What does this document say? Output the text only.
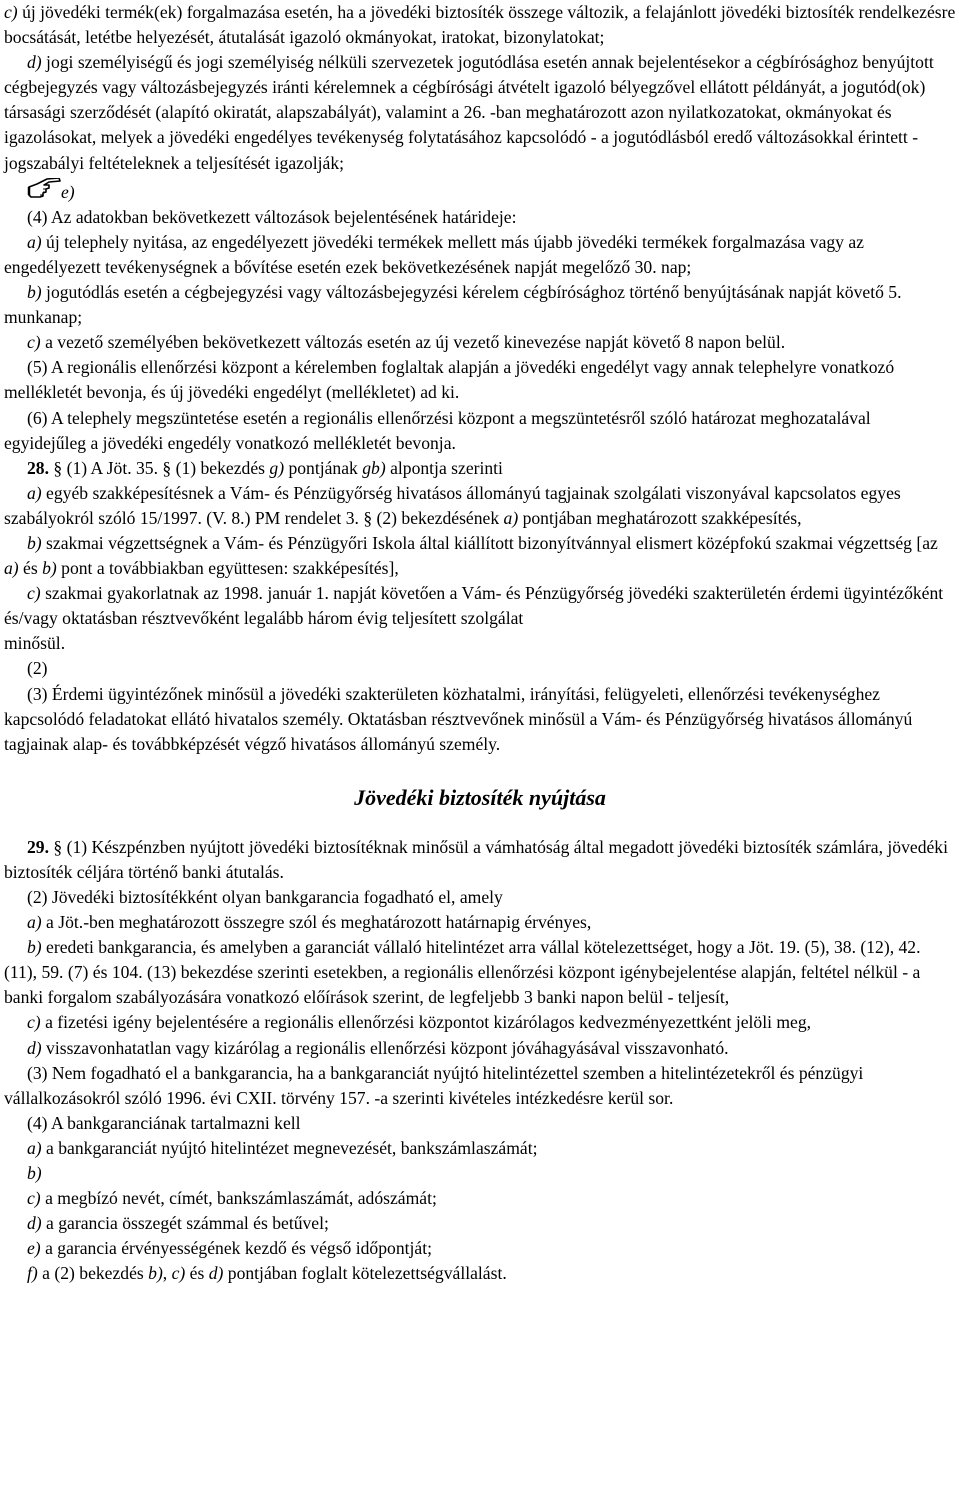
c) új jövedéki termék(ek) forgalmazása esetén, ha a jövedéki biztosíték összege változik, a felajánlott jövedéki biztosíték rendelkezésre bocsátását, letétbe helyezését, átutalását igazoló okmányokat, iratokat, bizonylatokat;

d) jogi személyiségű és jogi személyiség nélküli szervezetek jogutódlása esetén annak bejelentésekor a cégbírósághoz benyújtott cégbejegyzés vagy változásbejegyzés iránti kérelemnek a cégbírósági átvételt igazoló bélyegzővel ellátott példányát, a jogutód(ok) társasági szerződését (alapító okiratát, alapszabályát), valamint a 26. -ban meghatározott azon nyilatkozatokat, okmányokat és igazolásokat, melyek a jövedéki engedélyes tevékenység folytatásához kapcsolódó - a jogutódlásból eredő változásokkal érintett - jogszabályi feltételeknek a teljesítését igazolják;

e)

(4) Az adatokban bekövetkezett változások bejelentésének határideje:

a) új telephely nyitása, az engedélyezett jövedéki termékek mellett más újabb jövedéki termékek forgalmazása vagy az engedélyezett tevékenységnek a bővítése esetén ezek bekövetkezésének napját megelőző 30. nap;

b) jogutódlás esetén a cégbejegyzési vagy változásbejegyzési kérelem cégbírósághoz történő benyújtásának napját követő 5. munkanap;

c) a vezető személyében bekövetkezett változás esetén az új vezető kinevezése napját követő 8 napon belül.

(5) A regionális ellenőrzési központ a kérelemben foglaltak alapján a jövedéki engedélyt vagy annak telephelyre vonatkozó mellékletét bevonja, és új jövedéki engedélyt (mellékletet) ad ki.

(6) A telephely megszüntetése esetén a regionális ellenőrzési központ a megszüntetésről szóló határozat meghozatalával egyidejűleg a jövedéki engedély vonatkozó mellékletét bevonja.

28. § (1) A Jöt. 35. § (1) bekezdés g) pontjának gb) alpontja szerinti

a) egyéb szakképesítésnek a Vám- és Pénzügyőrség hivatásos állományú tagjainak szolgálati viszonyával kapcsolatos egyes szabályokról szóló 15/1997. (V. 8.) PM rendelet 3. § (2) bekezdésének a) pontjában meghatározott szakképesítés,

b) szakmai végzettségnek a Vám- és Pénzügyőri Iskola által kiállított bizonyítvánnyal elismert középfokú szakmai végzettség [az a) és b) pont a továbbiakban együttesen: szakképesítés],

c) szakmai gyakorlatnak az 1998. január 1. napját követően a Vám- és Pénzügyőrség jövedéki szakterületén érdemi ügyintézőként és/vagy oktatásban résztvevőként legalább három évig teljesített szolgálat

minősül.

(2)

(3) Érdemi ügyintézőnek minősül a jövedéki szakterületen közhatalmi, irányítási, felügyeleti, ellenőrzési tevékenységhez kapcsolódó feladatokat ellátó hivatalos személy. Oktatásban résztvevőnek minősül a Vám- és Pénzügyőrség hivatásos állományú tagjainak alap- és továbbképzését végző hivatásos állományú személy.

Jövedéki biztosíték nyújtása

29. § (1) Készpénzben nyújtott jövedéki biztosítéknak minősül a vámhatóság által megadott jövedéki biztosíték számlára, jövedéki biztosíték céljára történő banki átutalás.

(2) Jövedéki biztosítékként olyan bankgarancia fogadható el, amely

a) a Jöt.-ben meghatározott összegre szól és meghatározott határnapig érvényes,

b) eredeti bankgarancia, és amelyben a garanciát vállaló hitelintézet arra vállal kötelezettséget, hogy a Jöt. 19. (5), 38. (12), 42. (11), 59. (7) és 104. (13) bekezdése szerinti esetekben, a regionális ellenőrzési központ igénybejelentése alapján, feltétel nélkül - a banki forgalom szabályozására vonatkozó előírások szerint, de legfeljebb 3 banki napon belül - teljesít,

c) a fizetési igény bejelentésére a regionális ellenőrzési központot kizárólagos kedvezményezettként jelöli meg,

d) visszavonhatatlan vagy kizárólag a regionális ellenőrzési központ jóváhagyásával visszavonható.

(3) Nem fogadható el a bankgarancia, ha a bankgaranciát nyújtó hitelintézettel szemben a hitelintézetekről és pénzügyi vállalkozásokról szóló 1996. évi CXII. törvény 157. -a szerinti kivételes intézkedésre kerül sor.

(4) A bankgaranciának tartalmazni kell

a) a bankgaranciát nyújtó hitelintézet megnevezését, bankszámlaszámát;

b)

c) a megbízó nevét, címét, bankszámlaszámát, adószámát;

d) a garancia összegét számmal és betűvel;

e) a garancia érvényességének kezdő és végső időpontját;

f) a (2) bekezdés b), c) és d) pontjában foglalt kötelezettségvállalást.
